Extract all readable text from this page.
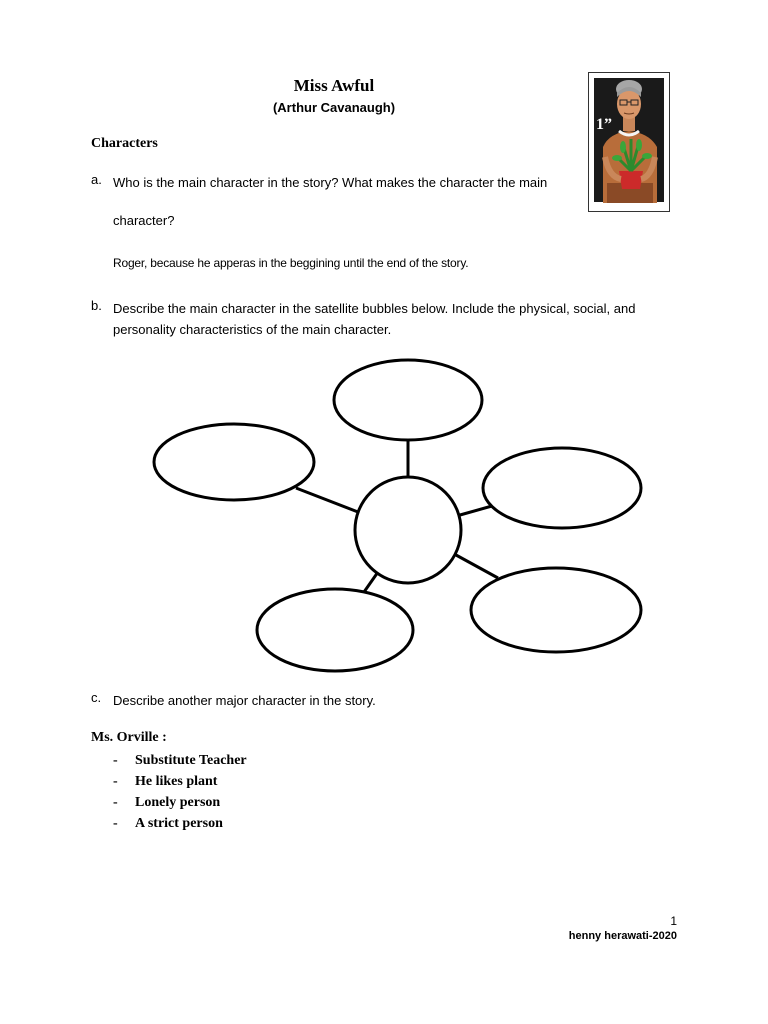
Miss Awful
(Arthur Cavanaugh)
1”
Characters
a. Who is the main character in the story? What makes the character the main
character?
Roger, because he apperas in the beggining until the end of the story.
b. Describe the main character in the satellite bubbles below. Include the physical, social, and personality characteristics of the main character.
c. Describe another major character in the story.
Ms. Orville :
- Substitute Teacher
- He likes plant
- Lonely person
- A strict person
1
henny herawati-2020
